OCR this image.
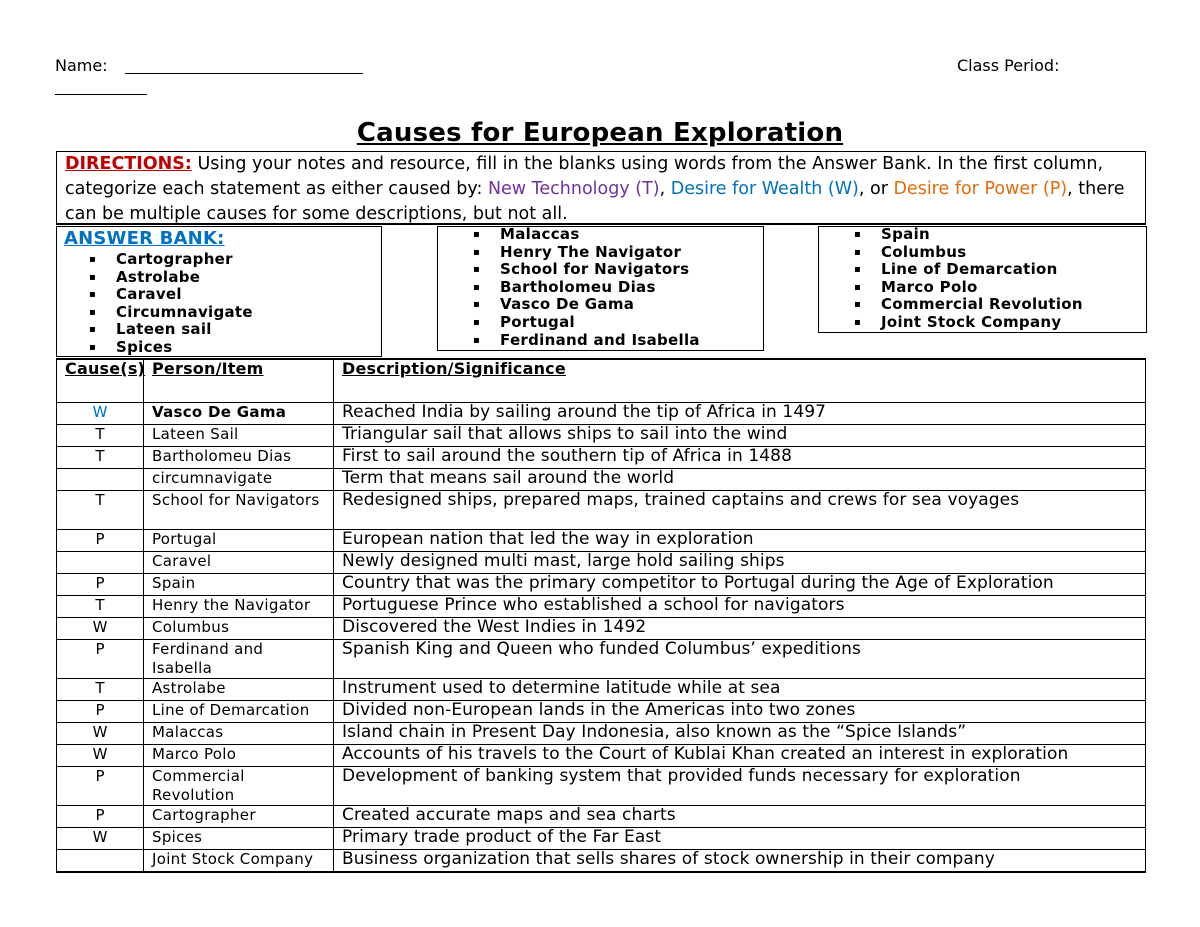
Name:	Class Period:
Causes for European Exploration
DIRECTIONS: Using your notes and resource, fill in the blanks using words from the Answer Bank. In the first column, categorize each statement as either caused by: New Technology (T), Desire for Wealth (W), or Desire for Power (P), there can be multiple causes for some descriptions, but not all.
ANSWER BANK:
▪ Cartographer
▪ Astrolabe
▪ Caravel
▪ Circumnavigate
▪ Lateen sail
▪ Spices
▪ Malaccas
▪ Henry The Navigator
▪ School for Navigators
▪ Bartholomeu Dias
▪ Vasco De Gama
▪ Portugal
▪ Ferdinand and Isabella
▪ Spain
▪ Columbus
▪ Line of Demarcation
▪ Marco Polo
▪ Commercial Revolution
▪ Joint Stock Company
Cause(s)	Person/Item	Description/Significance
W	Vasco De Gama	Reached India by sailing around the tip of Africa in 1497
T	Lateen Sail	Triangular sail that allows ships to sail into the wind
T	Bartholomeu Dias	First to sail around the southern tip of Africa in 1488
	circumnavigate	Term that means sail around the world
T	School for Navigators	Redesigned ships, prepared maps, trained captains and crews for sea voyages
P	Portugal	European nation that led the way in exploration
	Caravel	Newly designed multi mast, large hold sailing ships
P	Spain	Country that was the primary competitor to Portugal during the Age of Exploration
T	Henry the Navigator	Portuguese Prince who established a school for navigators
W	Columbus	Discovered the West Indies in 1492
P	Ferdinand and Isabella	Spanish King and Queen who funded Columbus’ expeditions
T	Astrolabe	Instrument used to determine latitude while at sea
P	Line of Demarcation	Divided non-European lands in the Americas into two zones
W	Malaccas	Island chain in Present Day Indonesia, also known as the “Spice Islands”
W	Marco Polo	Accounts of his travels to the Court of Kublai Khan created an interest in exploration
P	Commercial Revolution	Development of banking system that provided funds necessary for exploration
P	Cartographer	Created accurate maps and sea charts
W	Spices	Primary trade product of the Far East
	Joint Stock Company	Business organization that sells shares of stock ownership in their company
